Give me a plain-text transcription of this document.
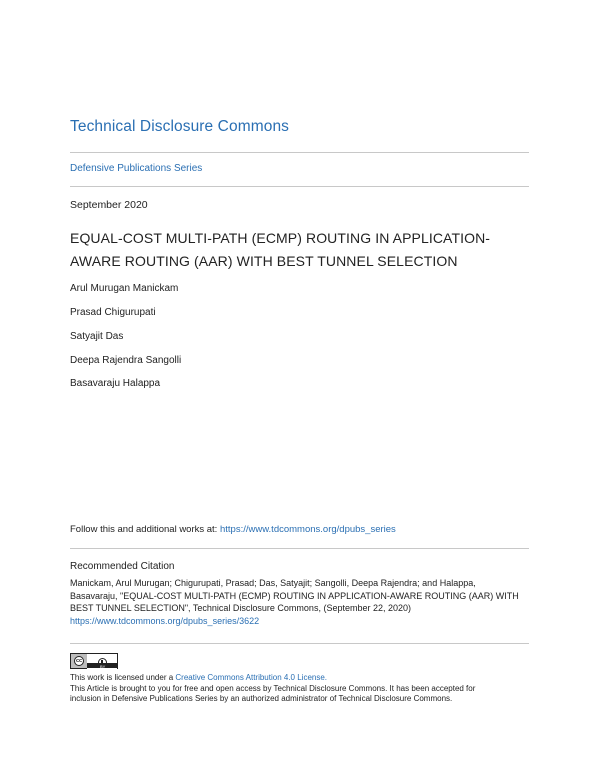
Technical Disclosure Commons
Defensive Publications Series
September 2020
EQUAL-COST MULTI-PATH (ECMP) ROUTING IN APPLICATION-
AWARE ROUTING (AAR) WITH BEST TUNNEL SELECTION
Arul Murugan Manickam
Prasad Chigurupati
Satyajit Das
Deepa Rajendra Sangolli
Basavaraju Halappa
Follow this and additional works at: https://www.tdcommons.org/dpubs_series
Recommended Citation
Manickam, Arul Murugan; Chigurupati, Prasad; Das, Satyajit; Sangolli, Deepa Rajendra; and Halappa,
Basavaraju, "EQUAL-COST MULTI-PATH (ECMP) ROUTING IN APPLICATION-AWARE ROUTING (AAR) WITH
BEST TUNNEL SELECTION", Technical Disclosure Commons, (September 22, 2020)
https://www.tdcommons.org/dpubs_series/3622
cc
BY
This work is licensed under a Creative Commons Attribution 4.0 License.
This Article is brought to you for free and open access by Technical Disclosure Commons. It has been accepted for
inclusion in Defensive Publications Series by an authorized administrator of Technical Disclosure Commons.
